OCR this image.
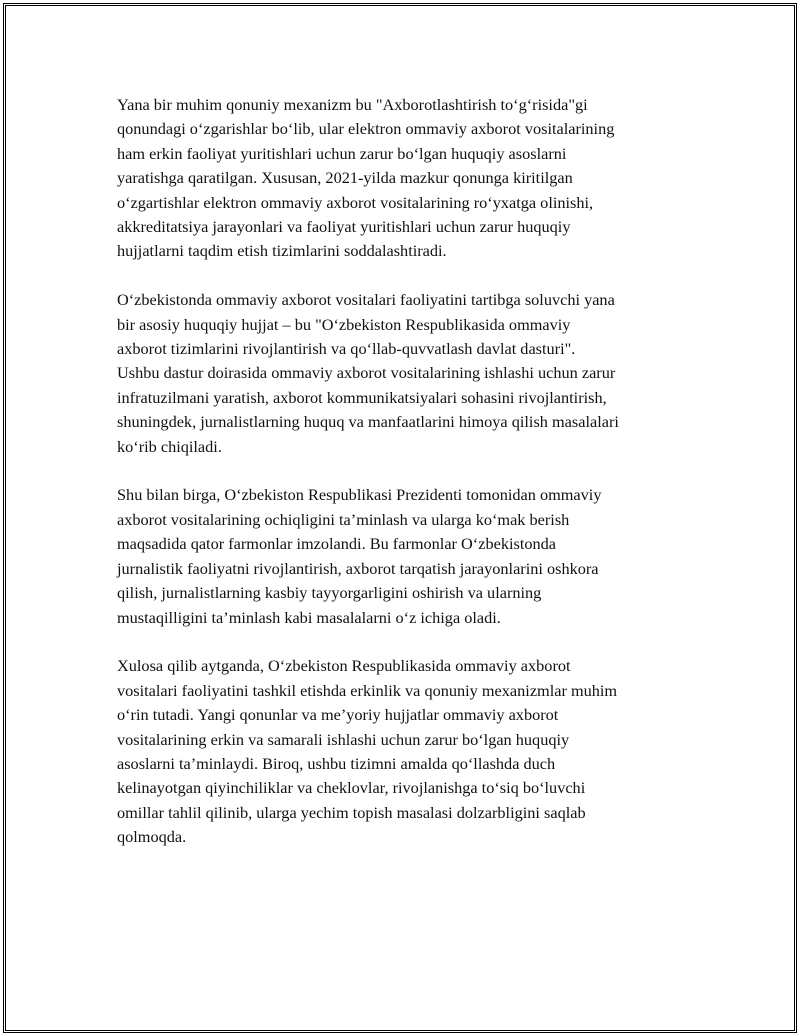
Yana bir muhim qonuniy mexanizm bu "Axborotlashtirish to‘g‘risida"gi
qonundagi o‘zgarishlar bo‘lib, ular elektron ommaviy axborot vositalarining
ham erkin faoliyat yuritishlari uchun zarur bo‘lgan huquqiy asoslarni
yaratishga qaratilgan. Xususan, 2021-yilda mazkur qonunga kiritilgan
o‘zgartishlar elektron ommaviy axborot vositalarining ro‘yxatga olinishi,
akkreditatsiya jarayonlari va faoliyat yuritishlari uchun zarur huquqiy
hujjatlarni taqdim etish tizimlarini soddalashtiradi.

O‘zbekistonda ommaviy axborot vositalari faoliyatini tartibga soluvchi yana
bir asosiy huquqiy hujjat – bu "O‘zbekiston Respublikasida ommaviy
axborot tizimlarini rivojlantirish va qo‘llab-quvvatlash davlat dasturi".
Ushbu dastur doirasida ommaviy axborot vositalarining ishlashi uchun zarur
infratuzilmani yaratish, axborot kommunikatsiyalari sohasini rivojlantirish,
shuningdek, jurnalistlarning huquq va manfaatlarini himoya qilish masalalari
ko‘rib chiqiladi.

Shu bilan birga, O‘zbekiston Respublikasi Prezidenti tomonidan ommaviy
axborot vositalarining ochiqligini ta’minlash va ularga ko‘mak berish
maqsadida qator farmonlar imzolandi. Bu farmonlar O‘zbekistonda
jurnalistik faoliyatni rivojlantirish, axborot tarqatish jarayonlarini oshkora
qilish, jurnalistlarning kasbiy tayyorgarligini oshirish va ularning
mustaqilligini ta’minlash kabi masalalarni o‘z ichiga oladi.

Xulosa qilib aytganda, O‘zbekiston Respublikasida ommaviy axborot
vositalari faoliyatini tashkil etishda erkinlik va qonuniy mexanizmlar muhim
o‘rin tutadi. Yangi qonunlar va me’yoriy hujjatlar ommaviy axborot
vositalarining erkin va samarali ishlashi uchun zarur bo‘lgan huquqiy
asoslarni ta’minlaydi. Biroq, ushbu tizimni amalda qo‘llashda duch
kelinayotgan qiyinchiliklar va cheklovlar, rivojlanishga to‘siq bo‘luvchi
omillar tahlil qilinib, ularga yechim topish masalasi dolzarbligini saqlab
qolmoqda.
